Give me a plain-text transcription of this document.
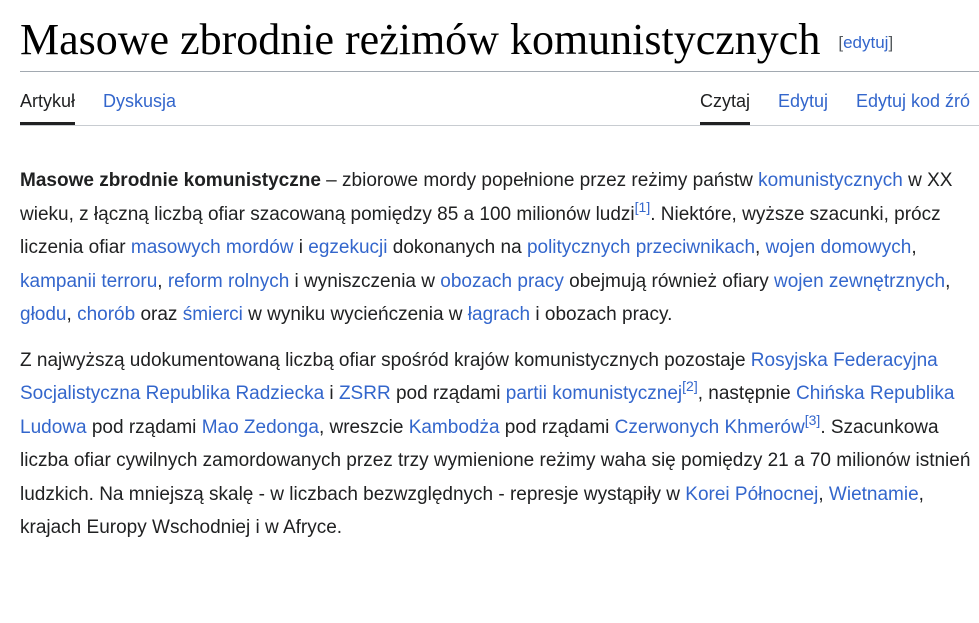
Masowe zbrodnie reżimów komunistycznych [edytuj]
Artykuł Dyskusja	Czytaj Edytuj Edytuj kod źró

Masowe zbrodnie komunistyczne – zbiorowe mordy popełnione przez reżimy państw komunistycznych w XX wieku, z łączną liczbą ofiar szacowaną pomiędzy 85 a 100 milionów ludzi[1]. Niektóre, wyższe szacunki, prócz liczenia ofiar masowych mordów i egzekucji dokonanych na politycznych przeciwnikach, wojen domowych, kampanii terroru, reform rolnych i wyniszczenia w obozach pracy obejmują również ofiary wojen zewnętrznych, głodu, chorób oraz śmierci w wyniku wycieńczenia w łagrach i obozach pracy.

Z najwyższą udokumentowaną liczbą ofiar spośród krajów komunistycznych pozostaje Rosyjska Federacyjna Socjalistyczna Republika Radziecka i ZSRR pod rządami partii komunistycznej[2], następnie Chińska Republika Ludowa pod rządami Mao Zedonga, wreszcie Kambodża pod rządami Czerwonych Khmerów[3]. Szacunkowa liczba ofiar cywilnych zamordowanych przez trzy wymienione reżimy waha się pomiędzy 21 a 70 milionów istnień ludzkich. Na mniejszą skalę - w liczbach bezwzględnych - represje wystąpiły w Korei Północnej, Wietnamie, krajach Europy Wschodniej i w Afryce.
